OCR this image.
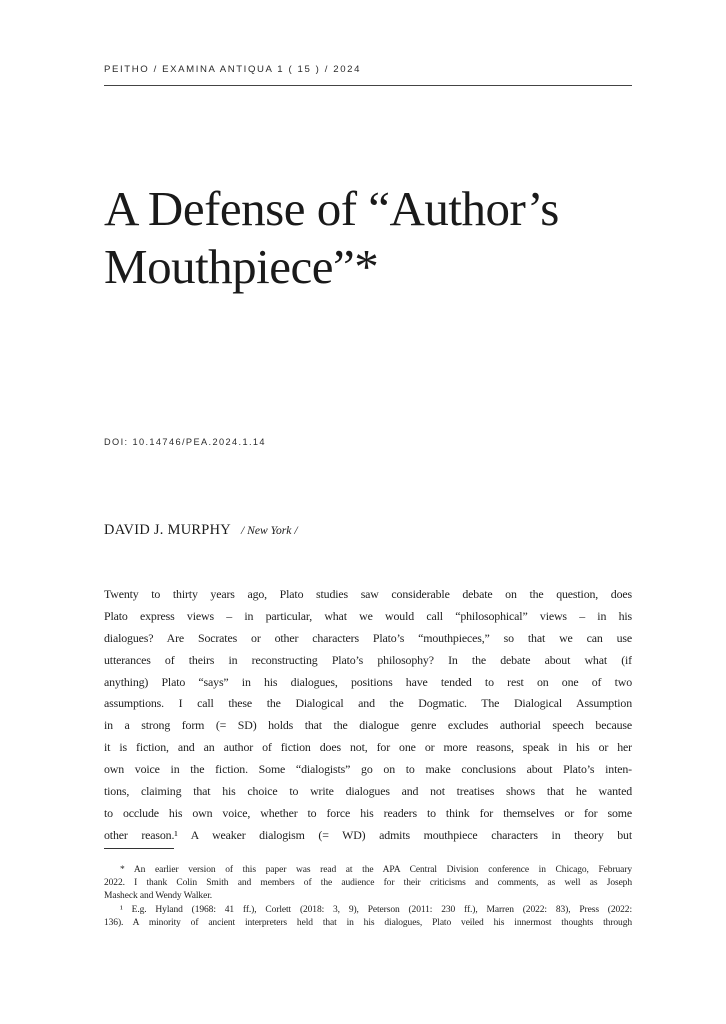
PEITHO / EXAMINA ANTIQUA 1 ( 15 ) / 2024
A Defense of “Author’s
Mouthpiece”*
DOI: 10.14746/PEA.2024.1.14
DAVID J. MURPHY / New York /
Twenty to thirty years ago, Plato studies saw considerable debate on the question, does
Plato express views – in particular, what we would call “philosophical” views – in his
dialogues? Are Socrates or other characters Plato’s “mouthpieces,” so that we can use
utterances of theirs in reconstructing Plato’s philosophy? In the debate about what (if
anything) Plato “says” in his dialogues, positions have tended to rest on one of two
assumptions. I call these the Dialogical and the Dogmatic. The Dialogical Assumption
in a strong form (= SD) holds that the dialogue genre excludes authorial speech because
it is fiction, and an author of fiction does not, for one or more reasons, speak in his or her
own voice in the fiction. Some “dialogists” go on to make conclusions about Plato’s inten-
tions, claiming that his choice to write dialogues and not treatises shows that he wanted
to occlude his own voice, whether to force his readers to think for themselves or for some
other reason.¹ A weaker dialogism (= WD) admits mouthpiece characters in theory but
* An earlier version of this paper was read at the APA Central Division conference in Chicago, February
2022. I thank Colin Smith and members of the audience for their criticisms and comments, as well as Joseph
Masheck and Wendy Walker.
¹ E.g. Hyland (1968: 41 ff.), Corlett (2018: 3, 9), Peterson (2011: 230 ff.), Marren (2022: 83), Press (2022:
136). A minority of ancient interpreters held that in his dialogues, Plato veiled his innermost thoughts through
